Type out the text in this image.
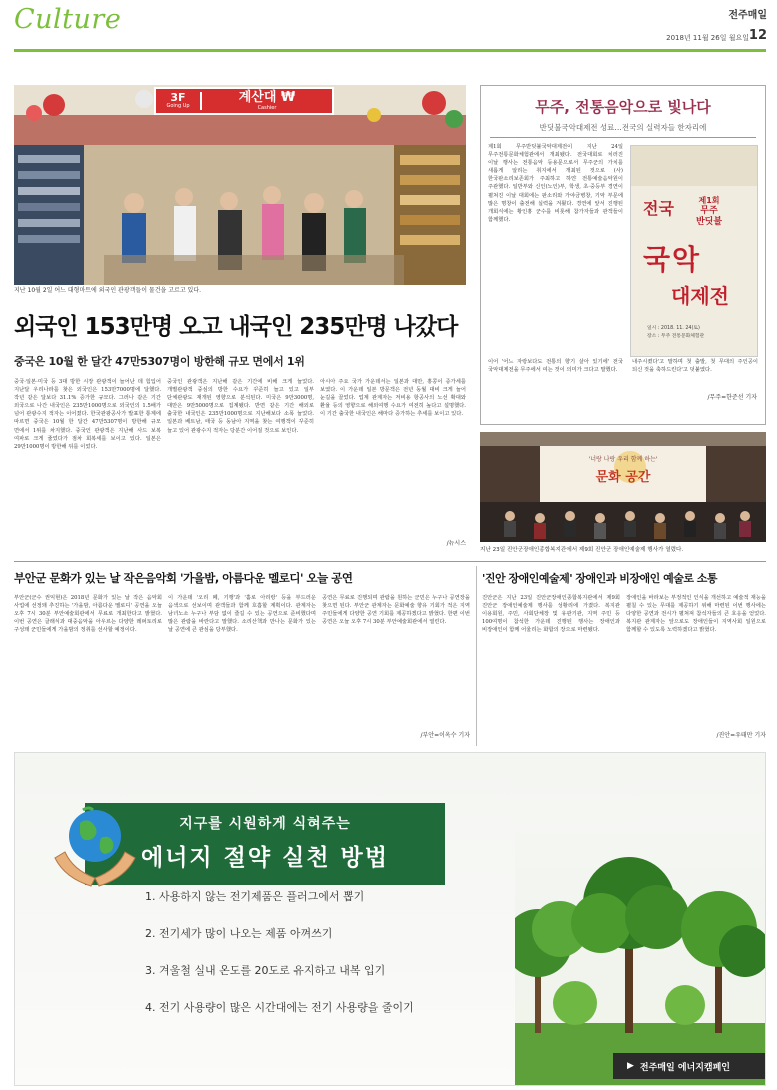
Culture	전주매일
2018년 11월 26일 월요일 12
3F
Going Up
계산대 ₩
Cashier
지난 10월 2일 어느 대형마트에 외국인 관광객들이 물건을 고르고 있다.
외국인 153만명 오고 내국인 235만명 나갔다
중국은 10월 한 달간 47만5307명이 방한해 규모 면에서 1위
중국·일본·미국 등 3대 방한 시장 관광객이 늘어난 데 힘입어 지난달 우리나라를 찾은 외국인은 153만7000명에 달했다. 작년 같은 달보다 31.1% 증가한 규모다. 그러나 같은 기간 외국으로 나간 내국인은 235만1000명으로 외국인의 1.5배가 넘어 관광수지 적자는 이어졌다. 한국관광공사가 발표한 통계에 따르면 중국은 10월 한 달간 47만5307명이 방한해 규모 면에서 1위를 차지했다. 중국인 관광객은 지난해 사드 보복 여파로 크게 줄었다가 점차 회복세를 보이고 있다. 일본은 29만1000명이 방한해 뒤를 이었다.
중국인 관광객은 지난해 같은 기간에 비해 크게 늘었다. 개별관광객 중심의 방한 수요가 꾸준히 늘고 있고 일부 단체관광도 재개된 영향으로 분석된다. 미국은 9만3000명, 대만은 9만5000명으로 집계됐다. 반면 같은 기간 해외로 출국한 내국인은 235만1000명으로 지난해보다 소폭 늘었다. 일본과 베트남, 태국 등 동남아 지역을 찾는 여행객이 꾸준히 늘고 있어 관광수지 적자는 당분간 이어질 것으로 보인다.
아시아 주요 국가 가운데서는 일본과 대만, 홍콩이 증가세를 보였다. 이 가운데 일본 방문객은 전년 동월 대비 크게 늘어 눈길을 끌었다. 업계 관계자는 저비용 항공사의 노선 확대와 환율 등의 영향으로 해외여행 수요가 여전히 높다고 설명했다. 이 기간 출국한 내국인은 해마다 증가하는 추세를 보이고 있다.
/뉴시스
무주, 전통음악으로 빛나다
반딧불국악대제전 성료…전국의 실력자들 한자리에
제1회 무주반딧불국악대제전이 지난 24일 무주전통문화체험관에서 개최됐다. 전국대회로 치러진 이날 행사는 전통음악 등용문으로서 무주군의 가치를 새롭게 알리는 취지에서 개최된 것으로 (사)한국판소리보존회가 주최하고 하얀 전통예술음악원이 주관했다. 일반부와 신인(노인)부, 학생, 초·중등부 경연이 펼쳐진 이날 대회에는 판소리와 가야금병창, 기악 부문에 많은 명창이 출전해 실력을 겨뤘다. 경연에 앞서 진행된 개회식에는 황인홍 군수를 비롯해 참가자들과 관객들이 함께했다.
전국	제1회
무주
반딧불
국악
대제전
일시 : 2018. 11. 24(토)
장소 : 무주 전통문화체험관
이어 '어느 자랑보다도 전통의 향기 살아 있기에' 전국 국악대제전을 무주에서 여는 것이 의미가 크다고 말했다.
내주시켰다'고 말하며 첫 출발, 첫 무대의 주인공이 되신 것을 축하드린다'고 덧붙였다.
/무주=한준선 기자
'너랑 나랑 우리 함께 하는'
문화 공간
지난 23일 진안군장애인종합복지관에서 제9회 진안군 장애인예술제 행사가 열렸다.
부안군 문화가 있는 날 작은음악회 '가을밤, 아름다운 멜로디' 오늘 공연
부안군(군수 권익현)은 2018년 문화가 있는 날 작은 음악회 사업에 선정돼 추진하는 '가을밤, 아름다운 멜로디' 공연을 오늘 오후 7시 30분 부안예술회관에서 무료로 개최한다고 밝혔다. 이번 공연은 클래식과 대중음악을 아우르는 다양한 레퍼토리로 구성돼 군민들에게 가을밤의 정취를 선사할 예정이다.
이 가운데 '오리 떼, 기행'과 '홀로 아리랑' 등을 부드러운 음색으로 선보이며 관객들과 함께 호흡할 계획이다. 관계자는 남녀노소 누구나 부담 없이 즐길 수 있는 공연으로 준비했다며 많은 관람을 바란다고 말했다. 소리산책과 만나는 문화가 있는 날 공연에 큰 관심을 당부했다.
공연은 무료로 진행되며 관람을 원하는 군민은 누구나 공연장을 찾으면 된다. 부안군 관계자는 문화예술 향유 기회가 적은 지역 주민들에게 다양한 공연 기회를 제공하겠다고 밝혔다. 한편 이번 공연은 오늘 오후 7시 30분 부안예술회관에서 열린다.
/부안=이옥수 기자
'진안 장애인예술제' 장애인과 비장애인 예술로 소통
진안군은 지난 23일 진안군장애인종합복지관에서 제9회 진안군 장애인예술제 행사를 성황리에 가졌다. 복지관 이용회원, 주민, 사회단체장 및 유관기관, 지역 주민 등 100여명이 참석한 가운데 진행된 행사는 장애인과 비장애인이 함께 어울리는 화합의 장으로 마련됐다.
장애인을 바라보는 부정적인 인식을 개선하고 예술적 재능을 펼칠 수 있는 무대를 제공하기 위해 마련된 이번 행사에는 다양한 공연과 전시가 펼쳐져 참석자들의 큰 호응을 얻었다. 복지관 관계자는 앞으로도 장애인들이 지역사회 일원으로 함께할 수 있도록 노력하겠다고 밝혔다.
/진안=우태만 기자
지구를 시원하게 식혀주는
에너지 절약 실천 방법
1. 사용하지 않는 전기제품은 플러그에서 뽑기
2. 전기세가 많이 나오는 제품 아껴쓰기
3. 겨울철 실내 온도를 20도로 유지하고 내복 입기
4. 전기 사용량이 많은 시간대에는 전기 사용량을 줄이기
▶ 전주매일 에너지캠페인
